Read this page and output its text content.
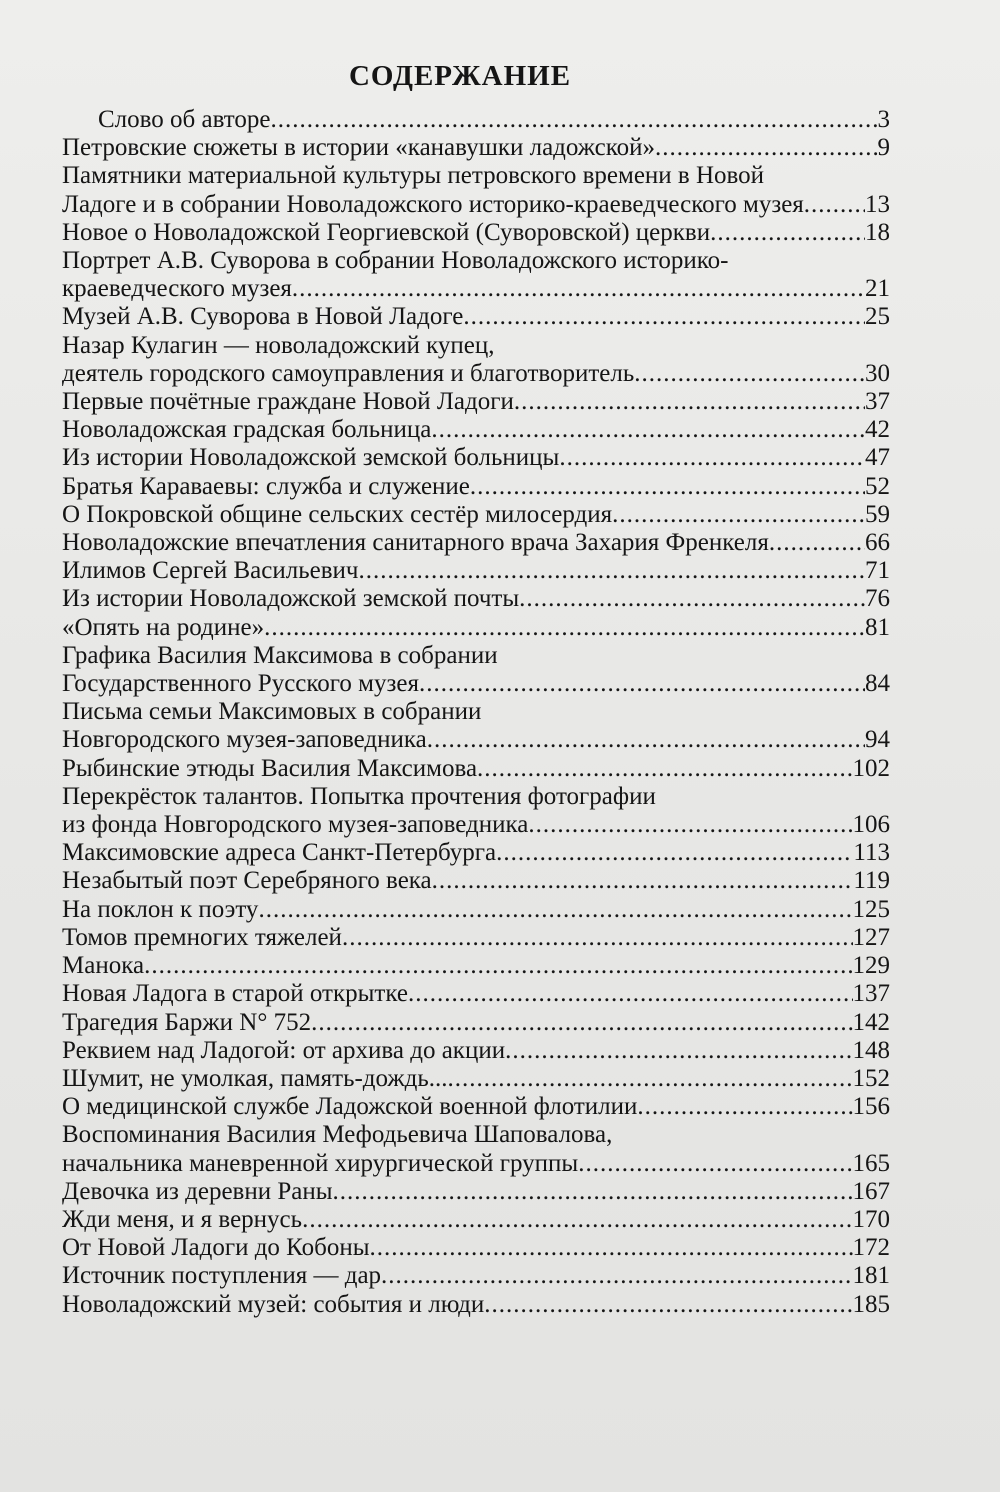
СОДЕРЖАНИЕ
Слово об авторе .....	3
Петровские сюжеты в истории «канавушки ладожской» .....	9
Памятники материальной культуры петровского времени в Новой
Ладоге и в собрании Новоладожского историко-краеведческого музея ..... 13
Новое о Новоладожской Георгиевской (Суворовской) церкви .....	18
Портрет А.В. Суворова в собрании Новоладожского историко-
краеведческого музея .....	21
Музей А.В. Суворова в Новой Ладоге .....	25
Назар Кулагин — новоладожский купец,
деятель городского самоуправления и благотворитель .....	30
Первые почётные граждане Новой Ладоги .....	37
Новоладожская градская больница .....	42
Из истории Новоладожской земской больницы .....	47
Братья Караваевы: служба и служение .....	52
О Покровской общине сельских сестёр милосердия .....	59
Новоладожские впечатления санитарного врача Захария Френкеля .....	66
Илимов Сергей Васильевич .....	71
Из истории Новоладожской земской почты .....	76
«Опять на родине» .....	81
Графика Василия Максимова в собрании
Государственного Русского музея .....	84
Письма семьи Максимовых в собрании
Новгородского музея-заповедника .....	94
Рыбинские этюды Василия Максимова .....	102
Перекрёсток талантов. Попытка прочтения фотографии
из фонда Новгородского музея-заповедника .....	106
Максимовские адреса Санкт-Петербурга .....	113
Незабытый поэт Серебряного века .....	119
На поклон к поэту .....	125
Томов премногих тяжелей .....	127
Манока .....	129
Новая Ладога в старой открытке .....	137
Трагедия Баржи N° 752 .....	142
Реквием над Ладогой: от архива до акции .....	148
Шумит, не умолкая, память-дождь... .....	152
О медицинской службе Ладожской военной флотилии .....	156
Воспоминания Василия Мефодьевича Шаповалова,
начальника маневренной хирургической группы .....	165
Девочка из деревни Раны .....	167
Жди меня, и я вернусь .....	170
От Новой Ладоги до Кобоны .....	172
Источник поступления — дар .....	181
Новоладожский музей: события и люди .....	185
